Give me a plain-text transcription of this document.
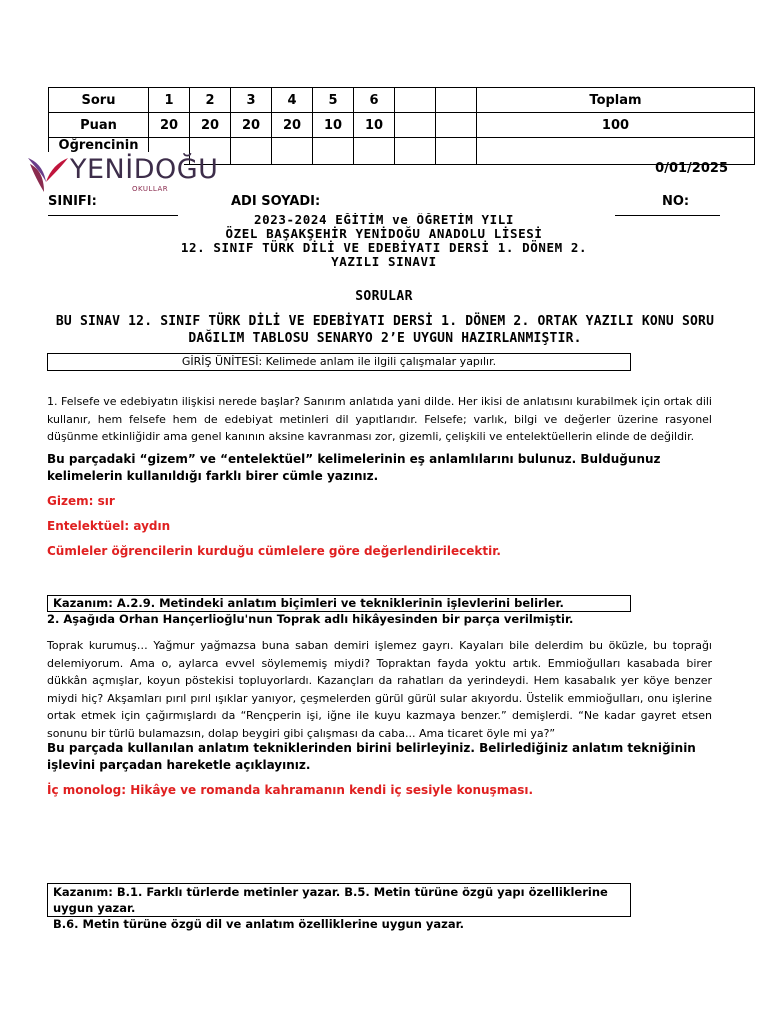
Soru	1	2	3	4	5	6			Toplam
Puan	20	20	20	20	10	10			100

Öğrencinin									

YENİDOĞU
OKULLAR
0/01/2025
SINIFI:	ADI SOYADI:	NO:
2023-2024 EĞİTİM ve ÖĞRETİM YILI
ÖZEL BAŞAKŞEHİR YENİDOĞU ANADOLU LİSESİ
12. SINIF TÜRK DİLİ VE EDEBİYATI DERSİ 1. DÖNEM 2.
YAZILI SINAVI
SORULAR
BU SINAV 12. SINIF TÜRK DİLİ VE EDEBİYATI DERSİ 1. DÖNEM 2. ORTAK YAZILI KONU SORU DAĞILIM TABLOSU SENARYO 2’E UYGUN HAZIRLANMIŞTIR.
GİRİŞ ÜNİTESİ: Kelimede anlam ile ilgili çalışmalar yapılır.
1. Felsefe ve edebiyatın ilişkisi nerede başlar? Sanırım anlatıda yani dilde. Her ikisi de anlatısını kurabilmek için ortak dili kullanır, hem felsefe hem de edebiyat metinleri dil yapıtlarıdır. Felsefe; varlık, bilgi ve değerler üzerine rasyonel düşünme etkinliğidir ama genel kanının aksine kavranması zor, gizemli, çelişkili ve entelektüellerin elinde de değildir.
Bu parçadaki “gizem” ve “entelektüel” kelimelerinin eş anlamlılarını bulunuz. Bulduğunuz kelimelerin kullanıldığı farklı birer cümle yazınız.
Gizem: sır
Entelektüel: aydın
Cümleler öğrencilerin kurduğu cümlelere göre değerlendirilecektir.
Kazanım: A.2.9. Metindeki anlatım biçimleri ve tekniklerinin işlevlerini belirler.
2. Aşağıda Orhan Hançerlioğlu'nun Toprak adlı hikâyesinden bir parça verilmiştir.
Toprak kurumuş… Yağmur yağmazsa buna saban demiri işlemez gayrı. Kayaları bile delerdim bu öküzle, bu toprağı delemiyorum. Ama o, aylarca evvel söylememiş miydi? Topraktan fayda yoktu artık. Emmioğulları kasabada birer dükkân açmışlar, koyun pöstekisi topluyorlardı. Kazançları da rahatları da yerindeydi. Hem kasabalık yer köye benzer miydi hiç? Akşamları pırıl pırıl ışıklar yanıyor, çeşmelerden gürül gürül sular akıyordu. Üstelik emmioğulları, onu işlerine ortak etmek için çağırmışlardı da “Rençperin işi, iğne ile kuyu kazmaya benzer.” demişlerdi. “Ne kadar gayret etsen sonunu bir türlü bulamazsın, dolap beygiri gibi çalışması da caba... Ama ticaret öyle mi ya?”
Bu parçada kullanılan anlatım tekniklerinden birini belirleyiniz. Belirlediğiniz anlatım tekniğinin işlevini parçadan hareketle açıklayınız.
İç monolog: Hikâye ve romanda kahramanın kendi iç sesiyle konuşması.
Kazanım: B.1. Farklı türlerde metinler yazar. B.5. Metin türüne özgü yapı özelliklerine uygun yazar.
B.6. Metin türüne özgü dil ve anlatım özelliklerine uygun yazar.
